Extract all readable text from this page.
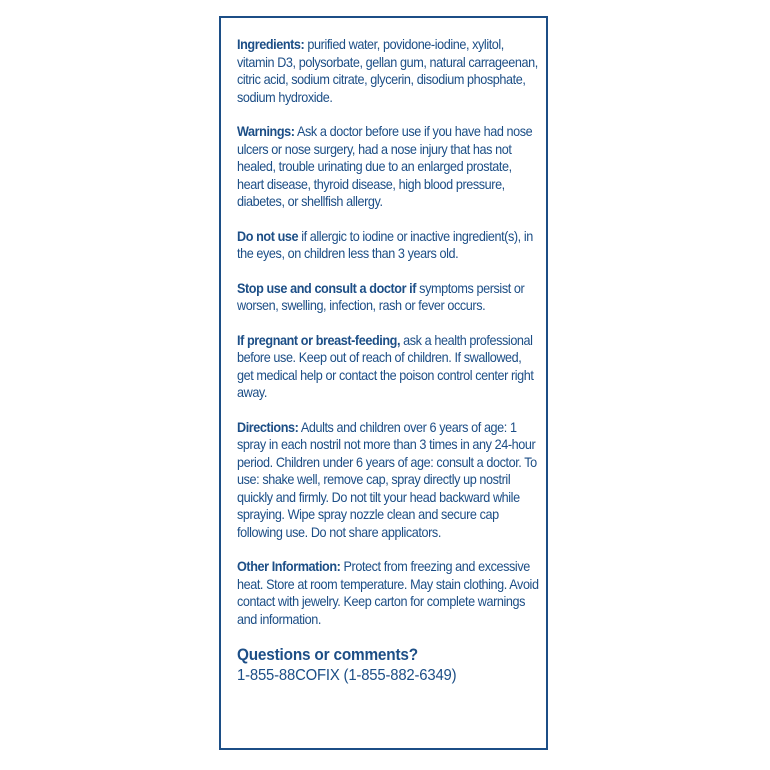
Ingredients: purified water, povidone-iodine, xylitol, vitamin D3, polysorbate, gellan gum, natural carrageenan, citric acid, sodium citrate, glycerin, disodium phosphate, sodium hydroxide.

Warnings: Ask a doctor before use if you have had nose ulcers or nose surgery, had a nose injury that has not healed, trouble urinating due to an enlarged prostate, heart disease, thyroid disease, high blood pressure, diabetes, or shellfish allergy.

Do not use if allergic to iodine or inactive ingredient(s), in the eyes, on children less than 3 years old.

Stop use and consult a doctor if symptoms persist or worsen, swelling, infection, rash or fever occurs.

If pregnant or breast-feeding, ask a health professional before use. Keep out of reach of children. If swallowed, get medical help or contact the poison control center right away.

Directions: Adults and children over 6 years of age: 1 spray in each nostril not more than 3 times in any 24-hour period. Children under 6 years of age: consult a doctor. To use: shake well, remove cap, spray directly up nostril quickly and firmly. Do not tilt your head backward while spraying. Wipe spray nozzle clean and secure cap following use. Do not share applicators.

Other Information: Protect from freezing and excessive heat. Store at room temperature. May stain clothing. Avoid contact with jewelry. Keep carton for complete warnings and information.

Questions or comments?
1-855-88COFIX (1-855-882-6349)
